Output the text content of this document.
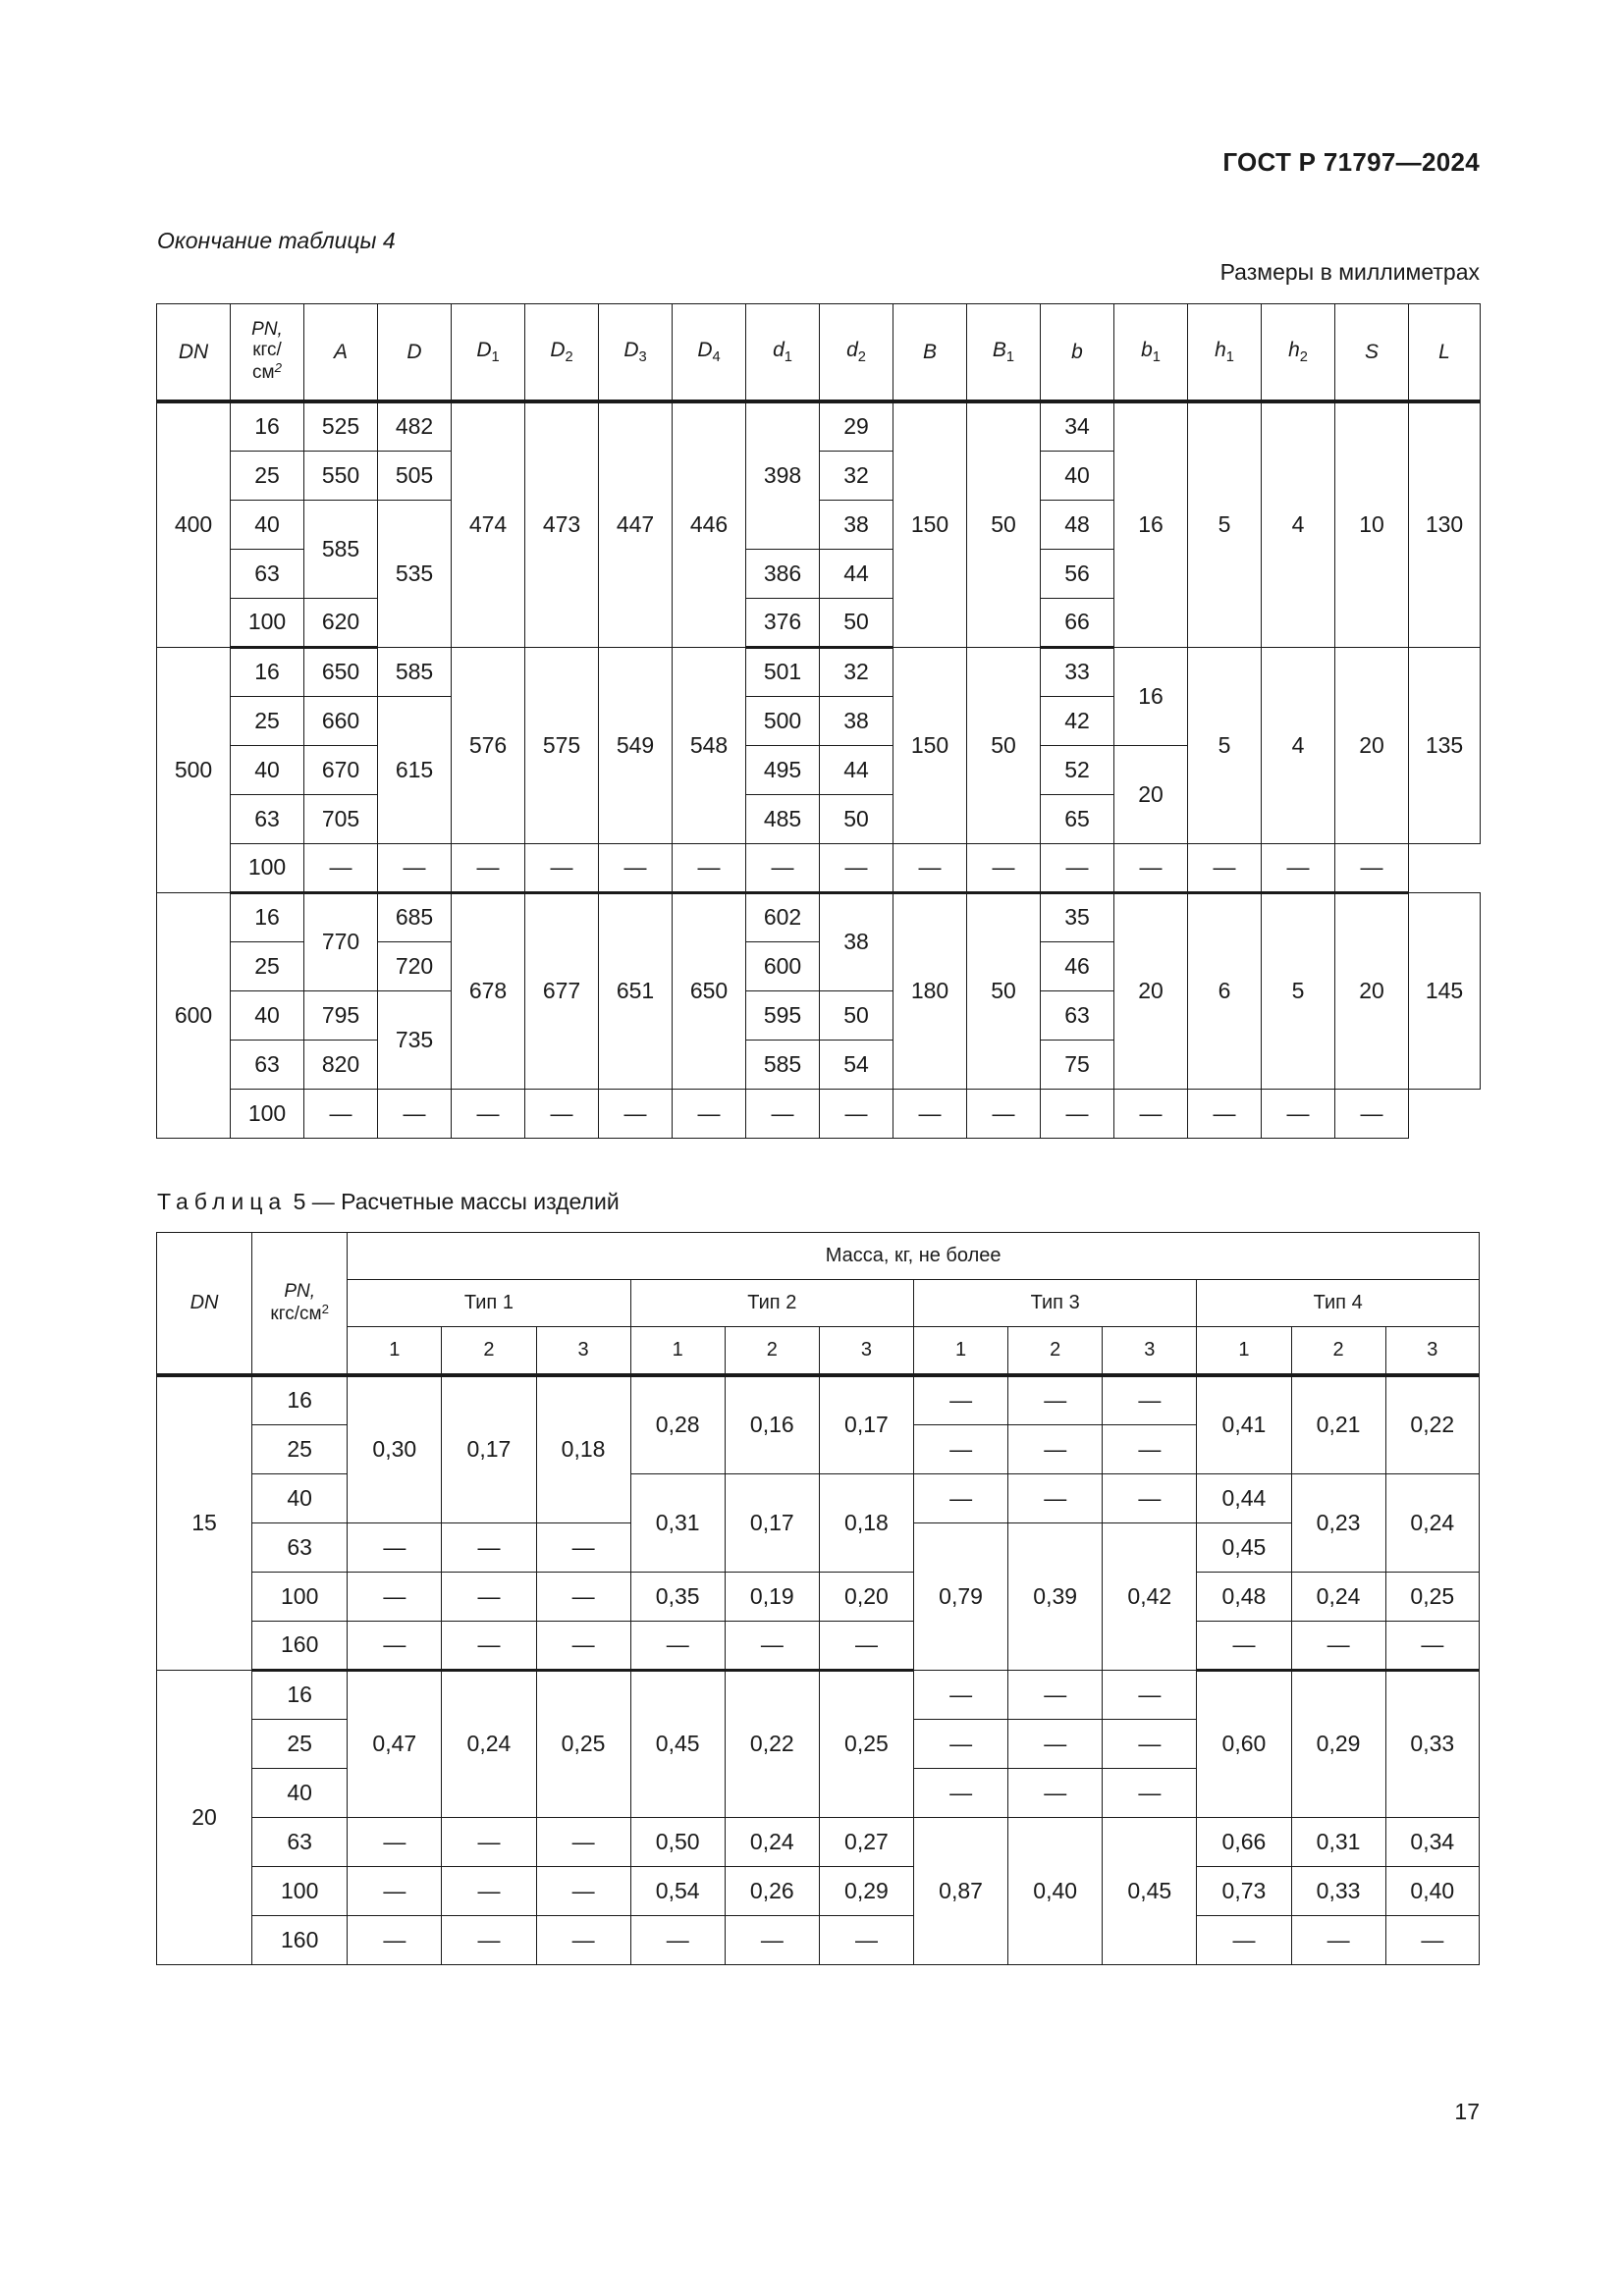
ГОСТ Р 71797—2024
Окончание таблицы 4
Размеры в миллиметрах
DN	PN,
кгс/
$см^2$	A	D	$D_1$	$D_2$	$D_3$	$D_4$	$d_1$	$d_2$	B	$B_1$	b	$b_1$	$h_1$	$h_2$	S	L
400	16	525	482	474	473	447	446	398	29	150	50	34	16	5	4	10	130
	25	550	505						32			40					
	40	585	535						38			48					
	63							386	44			56					
	100	620						376	50			66					
500	16	650	585	576	575	549	548	501	32	150	50	33	16	5	4	20	135
	25	660	615					500	38			42					
	40	670						495	44			52	20				
	63	705						485	50			65					
	100	—	—	—	—	—	—	—	—	—	—	—	—	—	—	—	
600	16	770	685	678	677	651	650	602	38	180	50	35	20	6	5	20	145
	25		720					600				46					
	40	795	735					595	50			63					
	63	820						585	54			75					
	100	—	—	—	—	—	—	—	—	—	—	—	—	—	—	—	
Таблица 5 — Расчетные массы изделий
DN	PN,
кгс/$см^2$	Масса, кг, не более											
		Тип 1			Тип 2			Тип 3			Тип 4		
		1	2	3	1	2	3	1	2	3	1	2	3
15	16	0,30	0,17	0,18	0,28	0,16	0,17	—	—	—	0,41	0,21	0,22
	25							—	—	—			
	40				0,31	0,17	0,18	—	—	—	0,44	0,23	0,24
	63	—	—	—				0,79	0,39	0,42	0,45		
	100	—	—	—	0,35	0,19	0,20				0,48	0,24	0,25
	160	—	—	—	—	—	—				—	—	—
20	16	0,47	0,24	0,25	0,45	0,22	0,25	—	—	—	0,60	0,29	0,33
	25							—	—	—			
	40							—	—	—			
	63	—	—	—	0,50	0,24	0,27	0,87	0,40	0,45	0,66	0,31	0,34
	100	—	—	—	0,54	0,26	0,29				0,73	0,33	0,40
	160	—	—	—	—	—	—				—	—	—
17
